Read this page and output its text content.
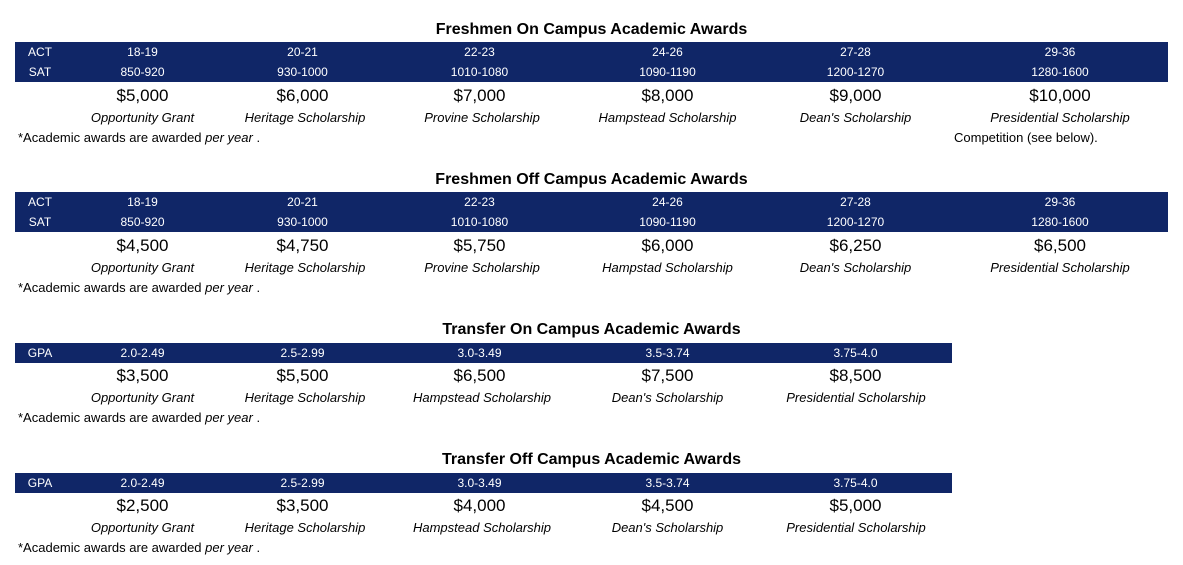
Freshmen On Campus Academic Awards
ACT	18-19	20-21	22-23	24-26	27-28	29-36
SAT	850-920	930-1000	1010-1080	1090-1190	1200-1270	1280-1600
$5,000	$6,000	$7,000	$8,000	$9,000	$10,000
Opportunity Grant	Heritage Scholarship	Provine Scholarship	Hampstead Scholarship	Dean's Scholarship	Presidential Scholarship
*Academic awards are awarded per year .	Competition (see below).
Freshmen Off Campus Academic Awards
ACT	18-19	20-21	22-23	24-26	27-28	29-36
SAT	850-920	930-1000	1010-1080	1090-1190	1200-1270	1280-1600
$4,500	$4,750	$5,750	$6,000	$6,250	$6,500
Opportunity Grant	Heritage Scholarship	Provine Scholarship	Hampstad Scholarship	Dean's Scholarship	Presidential Scholarship
*Academic awards are awarded per year .
Transfer On Campus Academic Awards
GPA	2.0-2.49	2.5-2.99	3.0-3.49	3.5-3.74	3.75-4.0
$3,500	$5,500	$6,500	$7,500	$8,500
Opportunity Grant	Heritage Scholarship	Hampstead Scholarship	Dean's Scholarship	Presidential Scholarship
*Academic awards are awarded per year .
Transfer Off Campus Academic Awards
GPA	2.0-2.49	2.5-2.99	3.0-3.49	3.5-3.74	3.75-4.0
$2,500	$3,500	$4,000	$4,500	$5,000
Opportunity Grant	Heritage Scholarship	Hampstead Scholarship	Dean's Scholarship	Presidential Scholarship
*Academic awards are awarded per year .
